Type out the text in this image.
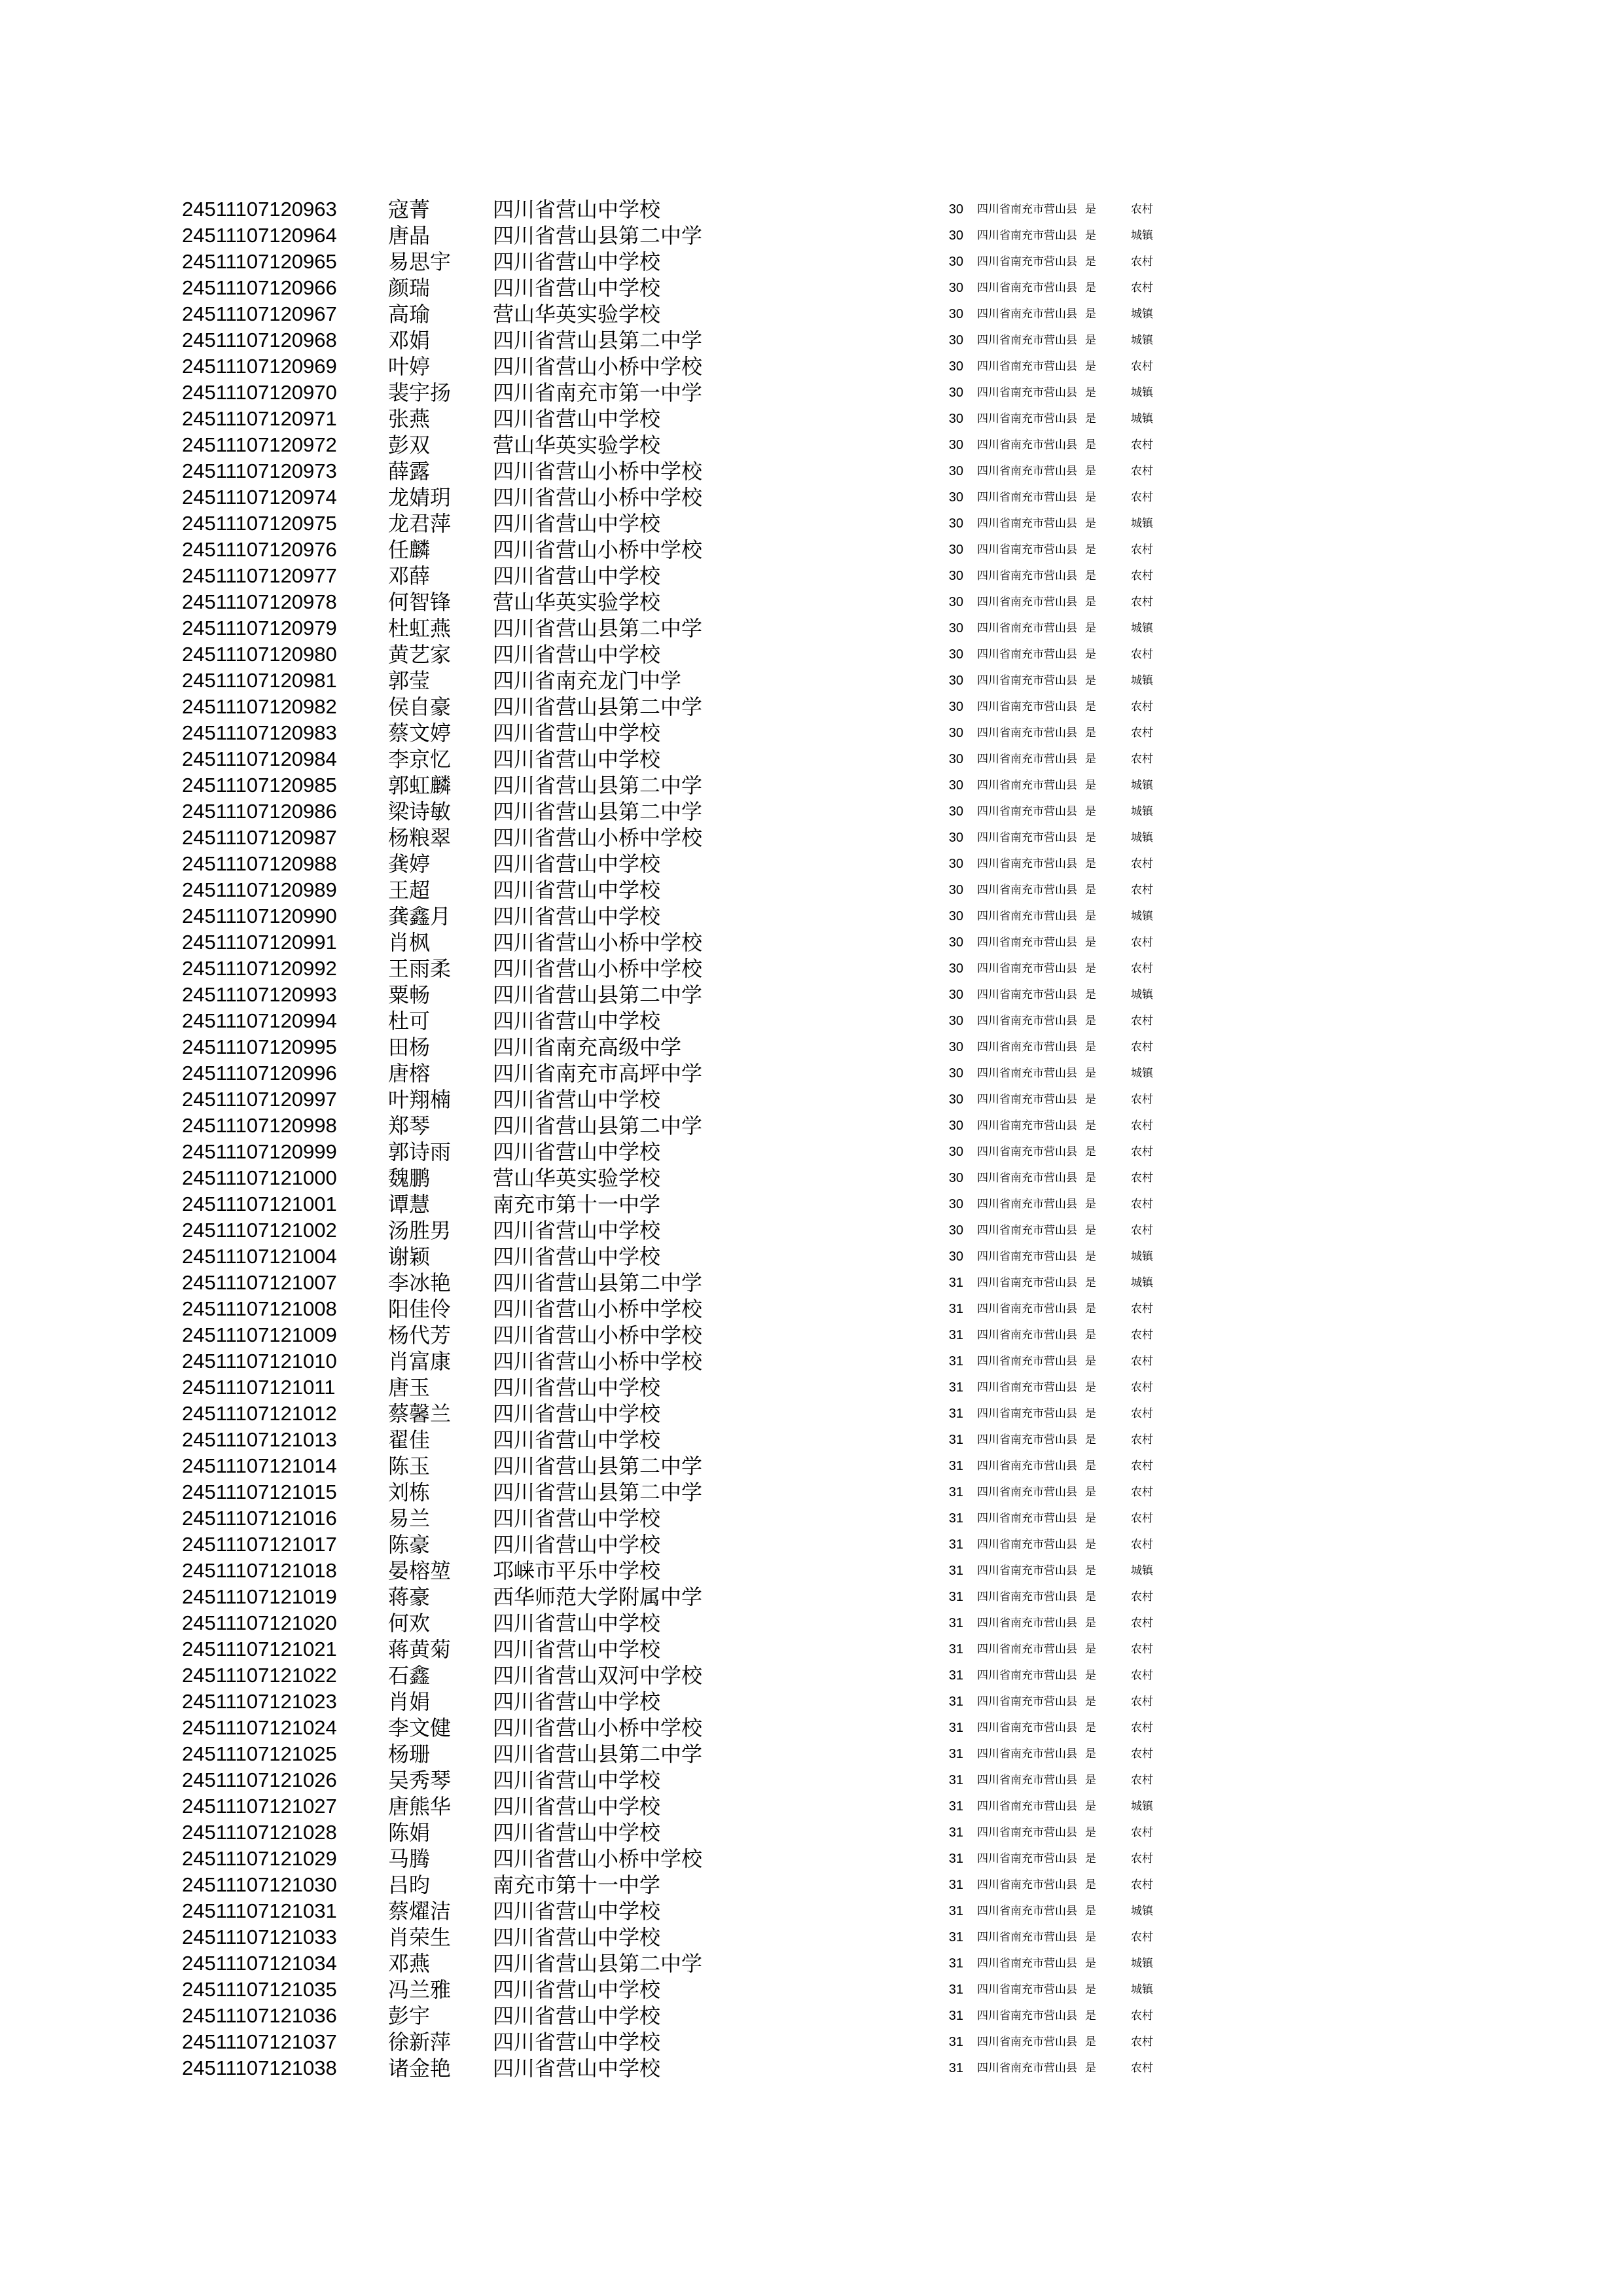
24511107120963 寇菁	四川省营山中学校	30 四川省南充市营山县 是	农村
24511107120964 唐晶	四川省营山县第二中学	30 四川省南充市营山县 是	城镇
24511107120965 易思宇 四川省营山中学校	30 四川省南充市营山县 是	农村
24511107120966 颜瑞	四川省营山中学校	30 四川省南充市营山县 是	农村
24511107120967 高瑜	营山华英实验学校	30 四川省南充市营山县 是	城镇
24511107120968 邓娟	四川省营山县第二中学	30 四川省南充市营山县 是	城镇
24511107120969 叶婷	四川省营山小桥中学校	30 四川省南充市营山县 是	农村
24511107120970 裴宇扬 四川省南充市第一中学	30 四川省南充市营山县 是	城镇
24511107120971 张燕	四川省营山中学校	30 四川省南充市营山县 是	城镇
24511107120972 彭双	营山华英实验学校	30 四川省南充市营山县 是	农村
24511107120973 薛露	四川省营山小桥中学校	30 四川省南充市营山县 是	农村
24511107120974 龙婧玥 四川省营山小桥中学校	30 四川省南充市营山县 是	农村
24511107120975 龙君萍 四川省营山中学校	30 四川省南充市营山县 是	城镇
24511107120976 任麟	四川省营山小桥中学校	30 四川省南充市营山县 是	农村
24511107120977 邓薛	四川省营山中学校	30 四川省南充市营山县 是	农村
24511107120978 何智锋 营山华英实验学校	30 四川省南充市营山县 是	农村
24511107120979 杜虹燕 四川省营山县第二中学	30 四川省南充市营山县 是	城镇
24511107120980 黄艺家 四川省营山中学校	30 四川省南充市营山县 是	农村
24511107120981 郭莹	四川省南充龙门中学	30 四川省南充市营山县 是	城镇
24511107120982 侯自豪 四川省营山县第二中学	30 四川省南充市营山县 是	农村
24511107120983 蔡文婷 四川省营山中学校	30 四川省南充市营山县 是	农村
24511107120984 李京忆 四川省营山中学校	30 四川省南充市营山县 是	农村
24511107120985 郭虹麟 四川省营山县第二中学	30 四川省南充市营山县 是	城镇
24511107120986 梁诗敏 四川省营山县第二中学	30 四川省南充市营山县 是	城镇
24511107120987 杨粮翠 四川省营山小桥中学校	30 四川省南充市营山县 是	城镇
24511107120988 龚婷	四川省营山中学校	30 四川省南充市营山县 是	农村
24511107120989 王超	四川省营山中学校	30 四川省南充市营山县 是	农村
24511107120990 龚鑫月 四川省营山中学校	30 四川省南充市营山县 是	城镇
24511107120991 肖枫	四川省营山小桥中学校	30 四川省南充市营山县 是	农村
24511107120992 王雨柔 四川省营山小桥中学校	30 四川省南充市营山县 是	农村
24511107120993 粟畅	四川省营山县第二中学	30 四川省南充市营山县 是	城镇
24511107120994 杜可	四川省营山中学校	30 四川省南充市营山县 是	农村
24511107120995 田杨	四川省南充高级中学	30 四川省南充市营山县 是	农村
24511107120996 唐榕	四川省南充市高坪中学	30 四川省南充市营山县 是	城镇
24511107120997 叶翔楠 四川省营山中学校	30 四川省南充市营山县 是	农村
24511107120998 郑琴	四川省营山县第二中学	30 四川省南充市营山县 是	农村
24511107120999 郭诗雨 四川省营山中学校	30 四川省南充市营山县 是	农村
24511107121000 魏鹏	营山华英实验学校	30 四川省南充市营山县 是	农村
24511107121001 谭慧	南充市第十一中学	30 四川省南充市营山县 是	农村
24511107121002 汤胜男 四川省营山中学校	30 四川省南充市营山县 是	农村
24511107121004 谢颖	四川省营山中学校	30 四川省南充市营山县 是	城镇
24511107121007 李冰艳 四川省营山县第二中学	31 四川省南充市营山县 是	城镇
24511107121008 阳佳伶 四川省营山小桥中学校	31 四川省南充市营山县 是	农村
24511107121009 杨代芳 四川省营山小桥中学校	31 四川省南充市营山县 是	农村
24511107121010 肖富康 四川省营山小桥中学校	31 四川省南充市营山县 是	农村
24511107121011	唐玉	四川省营山中学校	31 四川省南充市营山县 是	农村
24511107121012 蔡馨兰 四川省营山中学校	31 四川省南充市营山县 是	农村
24511107121013 翟佳	四川省营山中学校	31 四川省南充市营山县 是	农村
24511107121014 陈玉	四川省营山县第二中学	31 四川省南充市营山县 是	农村
24511107121015 刘栋	四川省营山县第二中学	31 四川省南充市营山县 是	农村
24511107121016 易兰	四川省营山中学校	31 四川省南充市营山县 是	农村
24511107121017 陈豪	四川省营山中学校	31 四川省南充市营山县 是	农村
24511107121018 晏榕堃 邛崃市平乐中学校	31 四川省南充市营山县 是	城镇
24511107121019 蒋豪	西华师范大学附属中学	31 四川省南充市营山县 是	农村
24511107121020 何欢	四川省营山中学校	31 四川省南充市营山县 是	农村
24511107121021 蒋黄菊 四川省营山中学校	31 四川省南充市营山县 是	农村
24511107121022 石鑫	四川省营山双河中学校	31 四川省南充市营山县 是	农村
24511107121023 肖娟	四川省营山中学校	31 四川省南充市营山县 是	农村
24511107121024 李文健 四川省营山小桥中学校	31 四川省南充市营山县 是	农村
24511107121025 杨珊	四川省营山县第二中学	31 四川省南充市营山县 是	农村
24511107121026 吴秀琴 四川省营山中学校	31 四川省南充市营山县 是	农村
24511107121027 唐熊华 四川省营山中学校	31 四川省南充市营山县 是	城镇
24511107121028 陈娟	四川省营山中学校	31 四川省南充市营山县 是	农村
24511107121029 马腾	四川省营山小桥中学校	31 四川省南充市营山县 是	农村
24511107121030 吕昀	南充市第十一中学	31 四川省南充市营山县 是	农村
24511107121031 蔡燿洁 四川省营山中学校	31 四川省南充市营山县 是	城镇
24511107121033 肖荣生 四川省营山中学校	31 四川省南充市营山县 是	农村
24511107121034 邓燕	四川省营山县第二中学	31 四川省南充市营山县 是	城镇
24511107121035 冯兰雅 四川省营山中学校	31 四川省南充市营山县 是	城镇
24511107121036 彭宇	四川省营山中学校	31 四川省南充市营山县 是	农村
24511107121037 徐新萍 四川省营山中学校	31 四川省南充市营山县 是	农村
24511107121038 诸金艳 四川省营山中学校	31 四川省南充市营山县 是	农村
